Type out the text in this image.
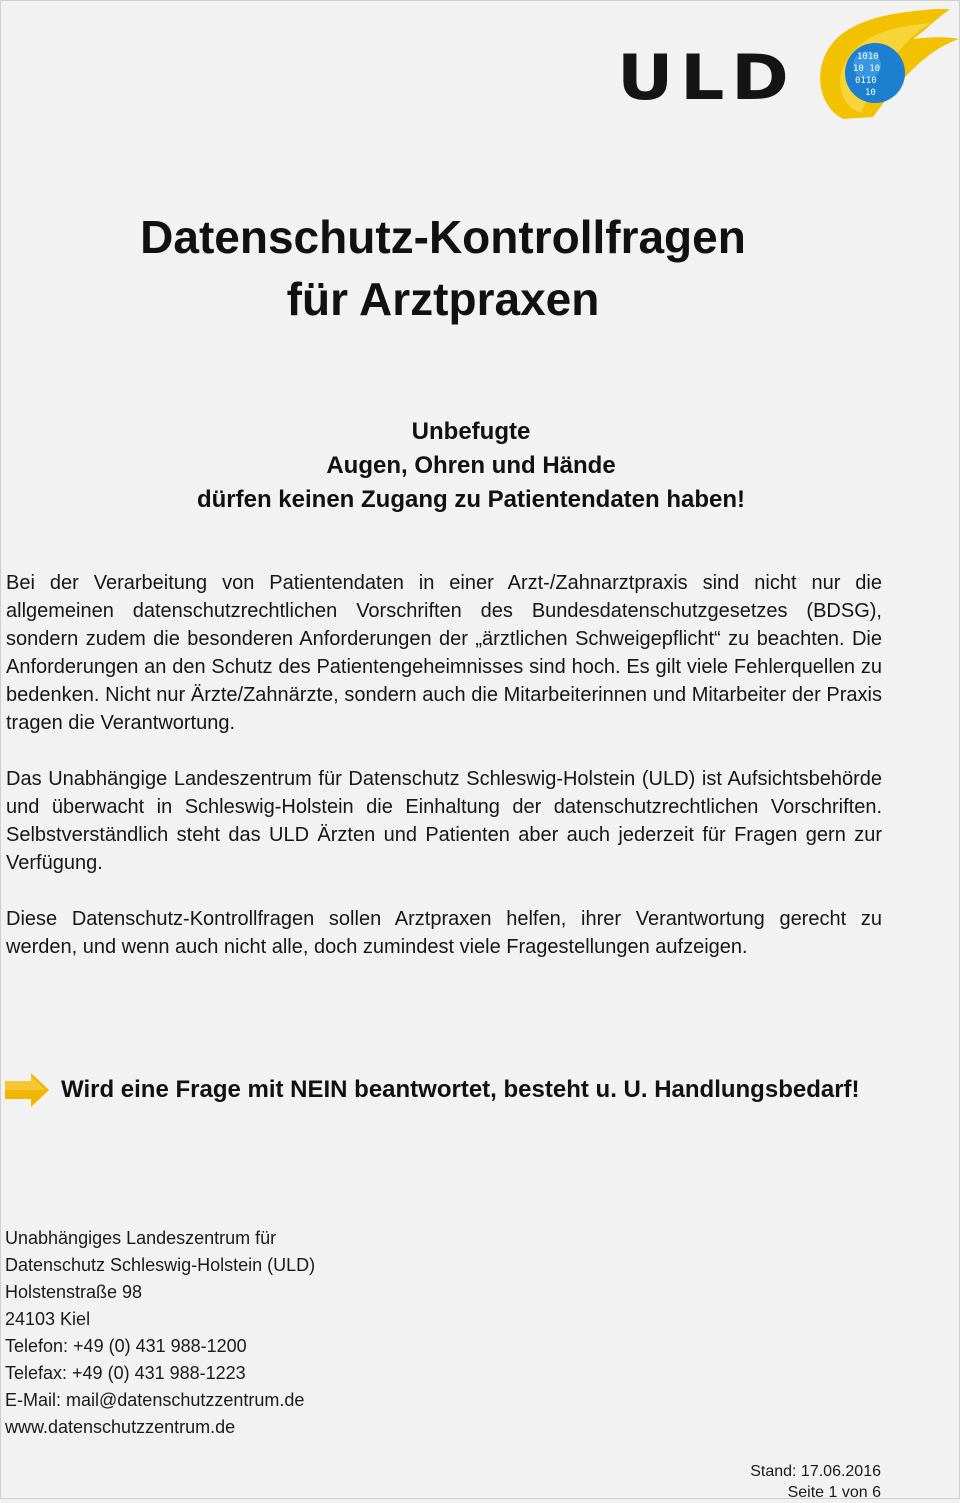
ULD	1010
10 10
0110
10
Datenschutz-Kontrollfragen
für Arztpraxen
Unbefugte
Augen, Ohren und Hände
dürfen keinen Zugang zu Patientendaten haben!

Bei der Verarbeitung von Patientendaten in einer Arzt-/Zahnarztpraxis sind nicht nur die allgemeinen datenschutzrechtlichen Vorschriften des Bundesdatenschutzgesetzes (BDSG), sondern zudem die besonderen Anforderungen der „ärztlichen Schweigepflicht“ zu beachten. Die Anforderungen an den Schutz des Patientengeheimnisses sind hoch. Es gilt viele Fehlerquellen zu bedenken. Nicht nur Ärzte/Zahnärzte, sondern auch die Mitarbeiterinnen und Mitarbeiter der Praxis tragen die Verantwortung.

Das Unabhängige Landeszentrum für Datenschutz Schleswig-Holstein (ULD) ist Aufsichtsbehörde und überwacht in Schleswig-Holstein die Einhaltung der datenschutzrechtlichen Vorschriften. Selbstverständlich steht das ULD Ärzten und Patienten aber auch jederzeit für Fragen gern zur Verfügung.

Diese Datenschutz-Kontrollfragen sollen Arztpraxen helfen, ihrer Verantwortung gerecht zu werden, und wenn auch nicht alle, doch zumindest viele Fragestellungen aufzeigen.

Wird eine Frage mit NEIN beantwortet, besteht u. U. Handlungsbedarf!
Unabhängiges Landeszentrum für
Datenschutz Schleswig-Holstein (ULD)
Holstenstraße 98
24103 Kiel
Telefon: +49 (0) 431 988-1200
Telefax: +49 (0) 431 988-1223
E-Mail: mail@datenschutzzentrum.de
www.datenschutzzentrum.de
Stand: 17.06.2016
Seite 1 von 6
